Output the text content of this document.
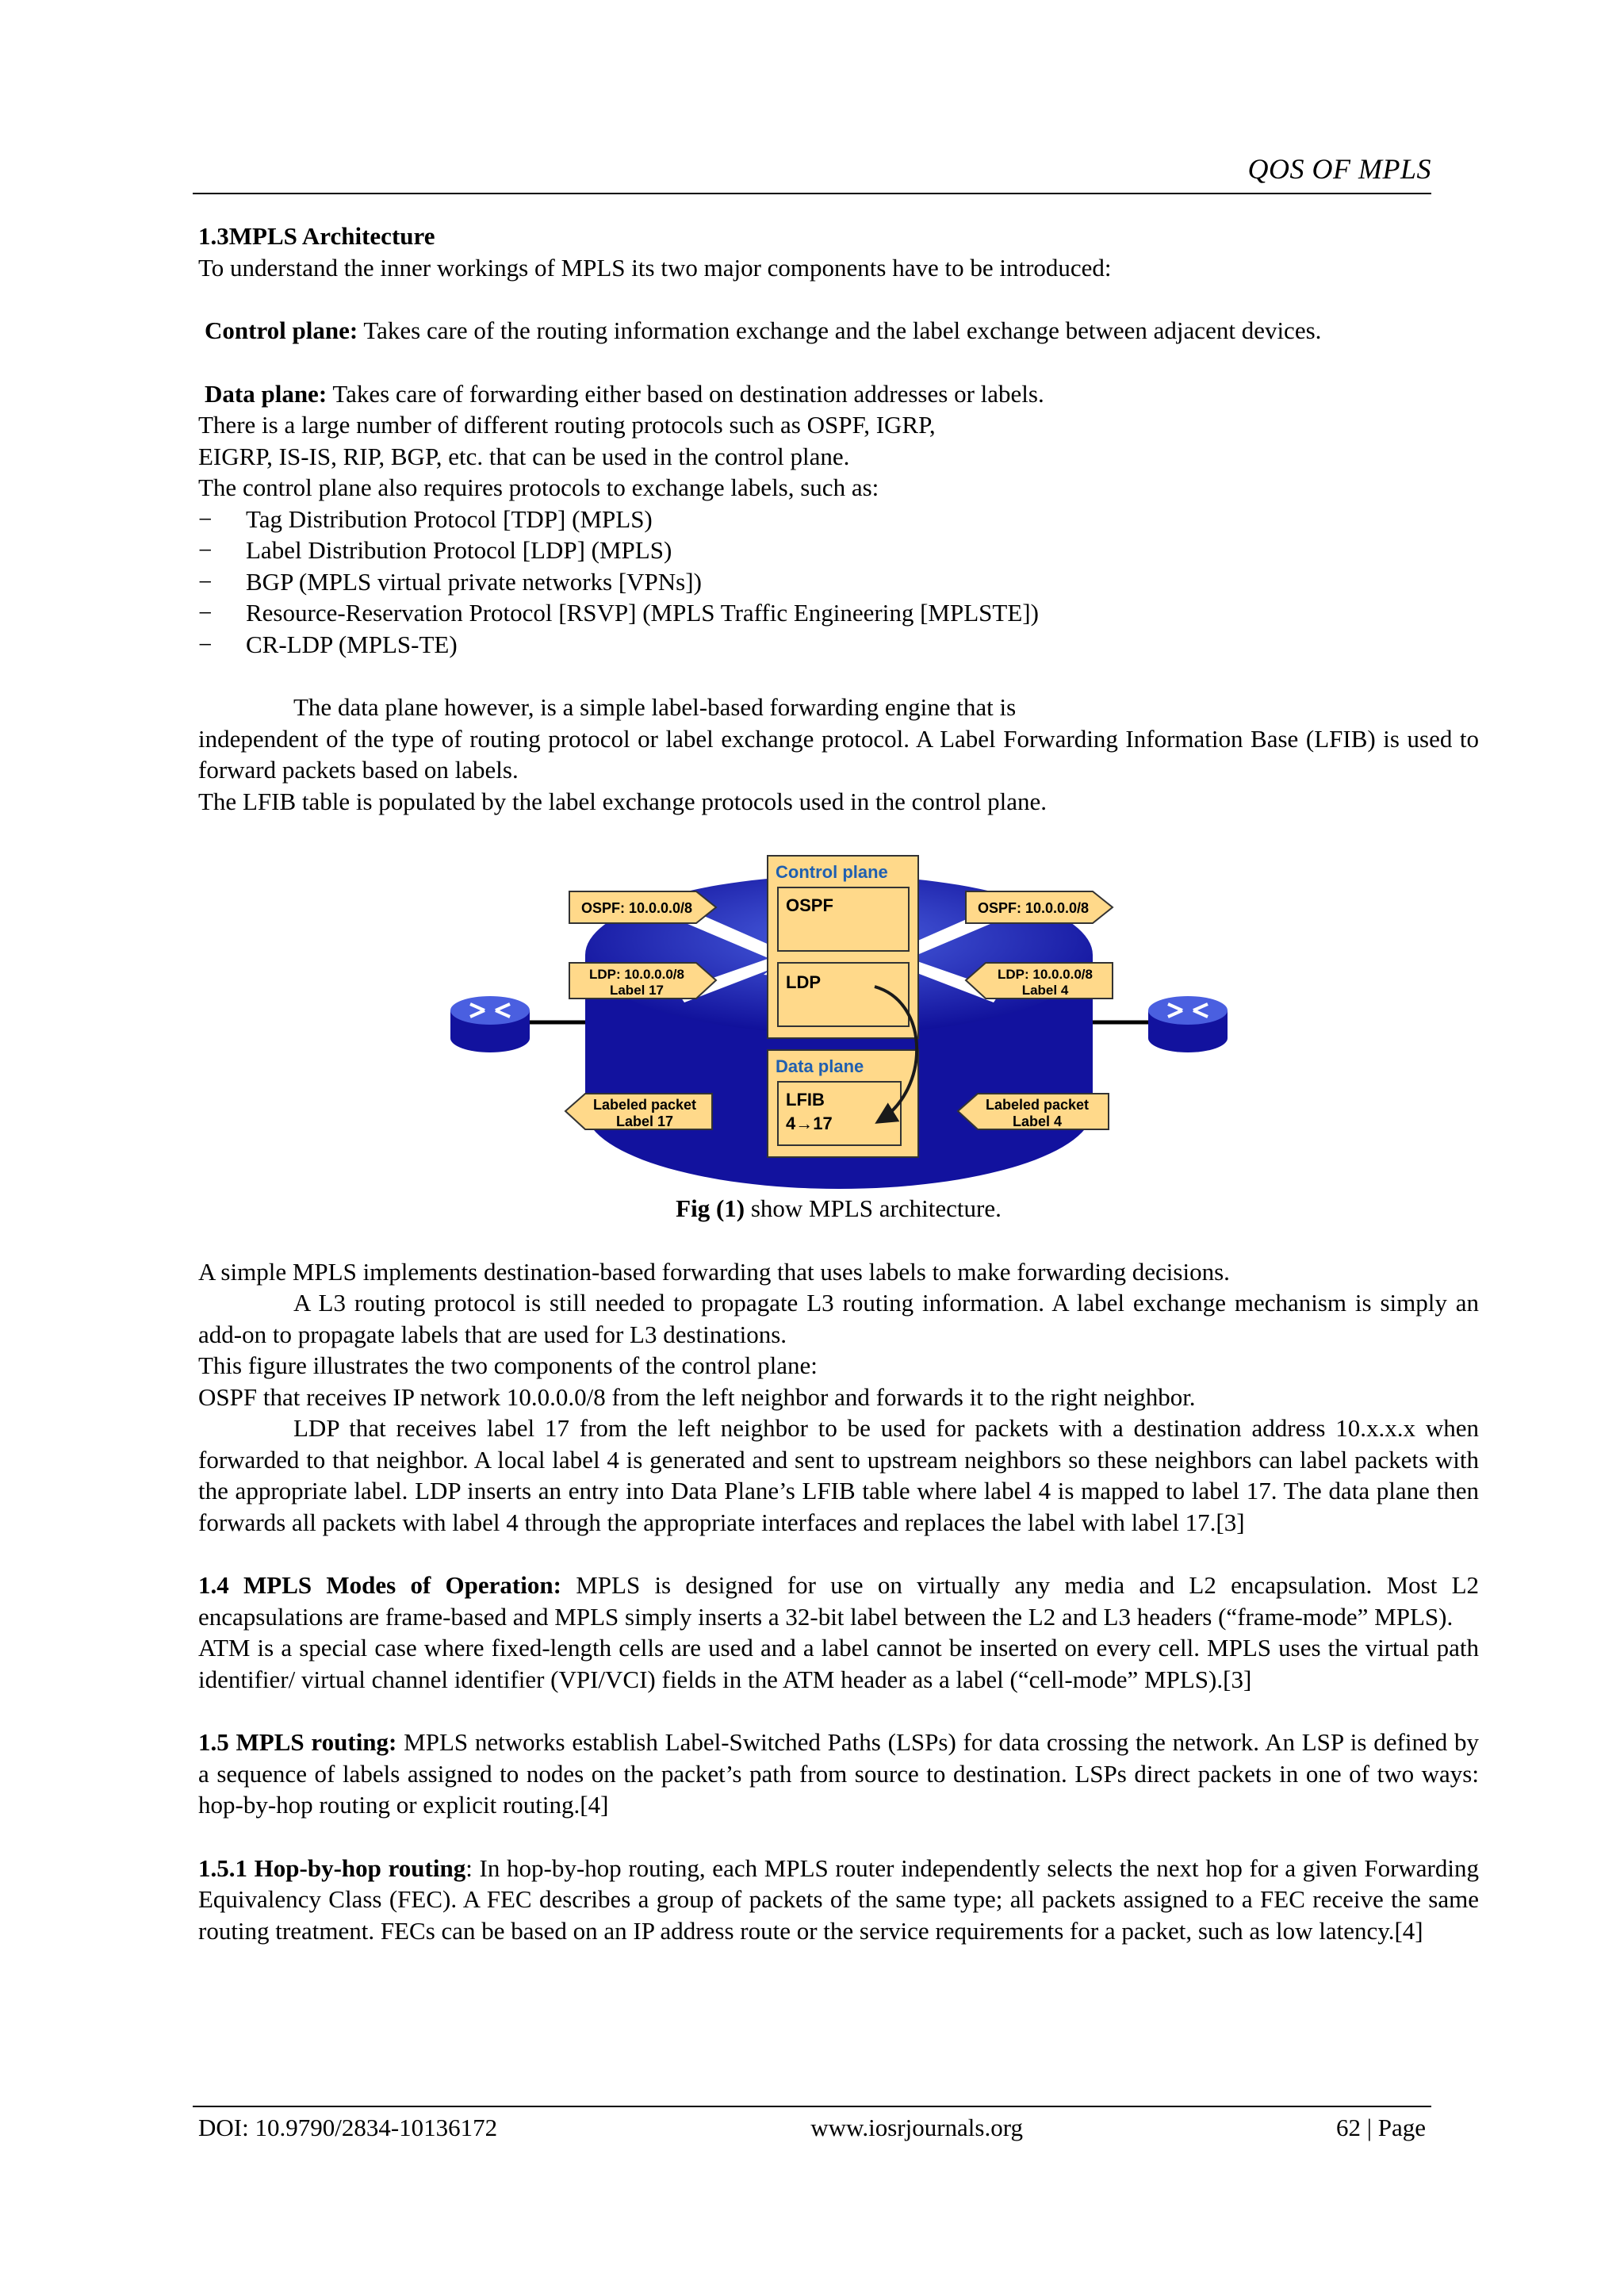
QOS OF MPLS

1.3MPLS Architecture

To understand the inner workings of MPLS its two major components have to be introduced:

Control plane: Takes care of the routing information exchange and the label exchange between adjacent devices.

Data plane: Takes care of forwarding either based on destination addresses or labels.

There is a large number of different routing protocols such as OSPF, IGRP,

EIGRP, IS-IS, RIP, BGP, etc. that can be used in the control plane.

The control plane also requires protocols to exchange labels, such as:

− Tag Distribution Protocol [TDP] (MPLS)
− Label Distribution Protocol [LDP] (MPLS)
− BGP (MPLS virtual private networks [VPNs])
− Resource-Reservation Protocol [RSVP] (MPLS Traffic Engineering [MPLSTE])
− CR-LDP (MPLS-TE)

The data plane however, is a simple label-based forwarding engine that is

independent of the type of routing protocol or label exchange protocol. A Label Forwarding Information Base (LFIB) is used to forward packets based on labels.

The LFIB table is populated by the label exchange protocols used in the control plane.

Control plane
OSPF
LDP
Data plane
LFIB
4→17
OSPF: 10.0.0.0/8	OSPF: 10.0.0.0/8
LDP: 10.0.0.0/8
Label 17
LDP: 10.0.0.0/8
Label 4
Labeled packet
Label 17
Labeled packet
Label 4

Fig (1) show MPLS architecture.

A simple MPLS implements destination-based forwarding that uses labels to make forwarding decisions.

A L3 routing protocol is still needed to propagate L3 routing information. A label exchange mechanism is simply an add-on to propagate labels that are used for L3 destinations.

This figure illustrates the two components of the control plane:

OSPF that receives IP network 10.0.0.0/8 from the left neighbor and forwards it to the right neighbor.

LDP that receives label 17 from the left neighbor to be used for packets with a destination address 10.x.x.x when forwarded to that neighbor. A local label 4 is generated and sent to upstream neighbors so these neighbors can label packets with the appropriate label. LDP inserts an entry into Data Plane’s LFIB table where label 4 is mapped to label 17. The data plane then forwards all packets with label 4 through the appropriate interfaces and replaces the label with label 17.[3]

1.4 MPLS Modes of Operation: MPLS is designed for use on virtually any media and L2 encapsulation. Most L2 encapsulations are frame-based and MPLS simply inserts a 32-bit label between the L2 and L3 headers (“frame-mode” MPLS).

ATM is a special case where fixed-length cells are used and a label cannot be inserted on every cell. MPLS uses the virtual path identifier/ virtual channel identifier (VPI/VCI) fields in the ATM header as a label (“cell-mode” MPLS).[3]

1.5 MPLS routing: MPLS networks establish Label-Switched Paths (LSPs) for data crossing the network. An LSP is defined by a sequence of labels assigned to nodes on the packet’s path from source to destination. LSPs direct packets in one of two ways: hop-by-hop routing or explicit routing.[4]

1.5.1 Hop-by-hop routing: In hop-by-hop routing, each MPLS router independently selects the next hop for a given Forwarding Equivalency Class (FEC). A FEC describes a group of packets of the same type; all packets assigned to a FEC receive the same routing treatment. FECs can be based on an IP address route or the service requirements for a packet, such as low latency.[4]

DOI: 10.9790/2834-10136172	www.iosrjournals.org	62 | Page
